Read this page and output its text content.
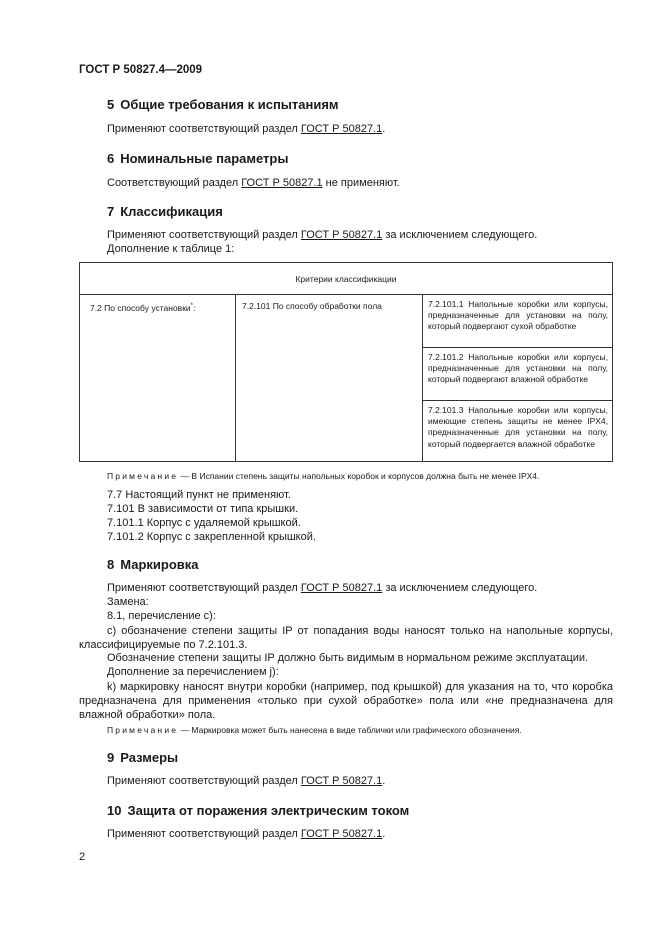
ГОСТ Р 50827.4—2009
5 Общие требования к испытаниям
Применяют соответствующий раздел ГОСТ Р 50827.1.
6 Номинальные параметры
Соответствующий раздел ГОСТ Р 50827.1 не применяют.
7 Классификация
Применяют соответствующий раздел ГОСТ Р 50827.1 за исключением следующего.
Дополнение к таблице 1:
Критерии классификации
7.2 По способу установки*:	7.2.101 По способу обработки пола	7.2.101.1 Напольные коробки или корпусы, предназначенные для установки на полу, который подвергают сухой обработке
7.2.101.2 Напольные коробки или корпусы, предназначенные для установки на полу, который подвергают влажной обработке
7.2.101.3 Напольные коробки или корпусы, имеющие степень защиты не менее IPX4, предназначенные для установки на полу, который подвергается влажной обработке
Примечание — В Испании степень защиты напольных коробок и корпусов должна быть не менее IPX4.
7.7 Настоящий пункт не применяют.
7.101 В зависимости от типа крышки.
7.101.1 Корпус с удаляемой крышкой.
7.101.2 Корпус с закрепленной крышкой.
8 Маркировка
Применяют соответствующий раздел ГОСТ Р 50827.1 за исключением следующего.
Замена:
8.1, перечисление с):
с) обозначение степени защиты IP от попадания воды наносят только на напольные корпусы, классифицируемые по 7.2.101.3.
Обозначение степени защиты IP должно быть видимым в нормальном режиме эксплуатации.
Дополнение за перечислением j):
k) маркировку наносят внутри коробки (например, под крышкой) для указания на то, что коробка предназначена для применения «только при сухой обработке» пола или «не предназначена для влажной обработки» пола.
Примечание — Маркировка может быть нанесена в виде таблички или графического обозначения.
9 Размеры
Применяют соответствующий раздел ГОСТ Р 50827.1.
10 Защита от поражения электрическим током
Применяют соответствующий раздел ГОСТ Р 50827.1.
2
